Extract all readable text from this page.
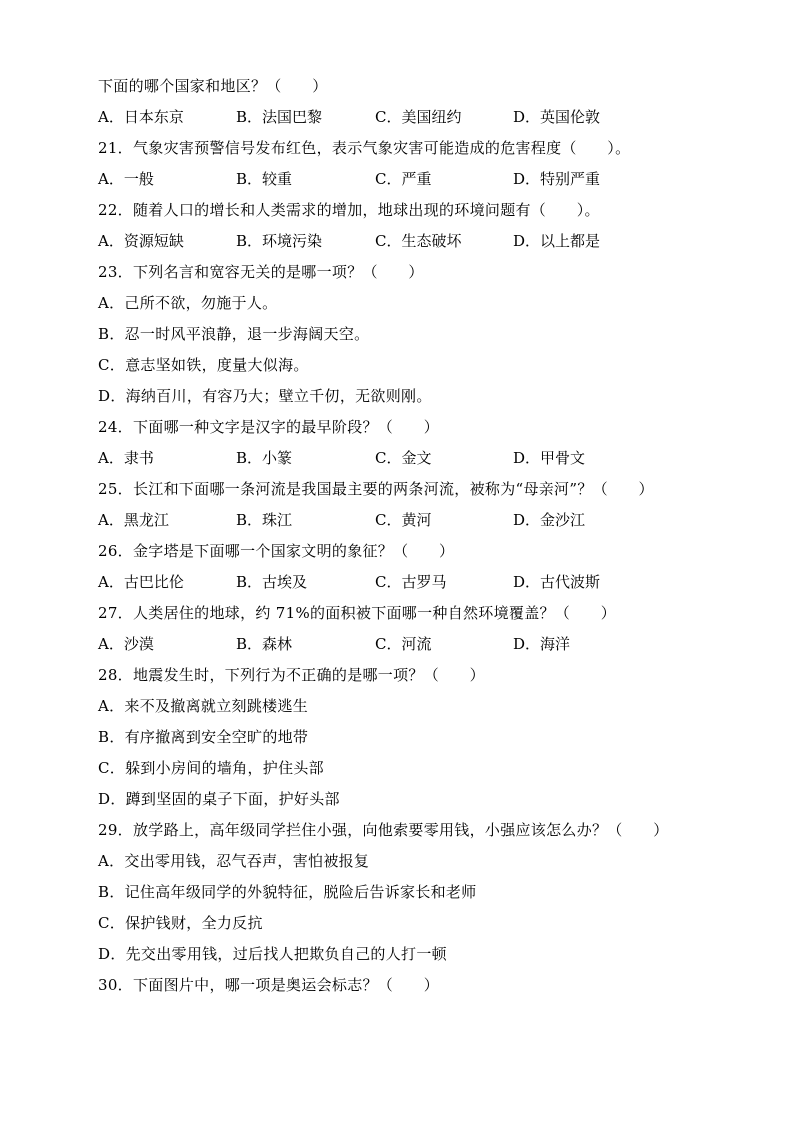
下面的哪个国家和地区？（　　）
A．日本东京	B．法国巴黎	C．美国纽约	D．英国伦敦
21．气象灾害预警信号发布红色，表示气象灾害可能造成的危害程度（　　）。
A．一般	B．较重	C．严重	D．特别严重
22．随着人口的增长和人类需求的增加，地球出现的环境问题有（　　）。
A．资源短缺	B．环境污染	C．生态破坏	D．以上都是
23．下列名言和宽容无关的是哪一项？（　　）
A．己所不欲，勿施于人。
B．忍一时风平浪静，退一步海阔天空。
C．意志坚如铁，度量大似海。
D．海纳百川，有容乃大；壁立千仞，无欲则刚。
24．下面哪一种文字是汉字的最早阶段？（　　）
A．隶书	B．小篆	C．金文	D．甲骨文
25．长江和下面哪一条河流是我国最主要的两条河流，被称为“母亲河”？（　　）
A．黑龙江	B．珠江	C．黄河	D．金沙江
26．金字塔是下面哪一个国家文明的象征？（　　）
A．古巴比伦	B．古埃及	C．古罗马	D．古代波斯
27．人类居住的地球，约 71%的面积被下面哪一种自然环境覆盖？（　　）
A．沙漠	B．森林	C．河流	D．海洋
28．地震发生时，下列行为不正确的是哪一项？（　　）
A．来不及撤离就立刻跳楼逃生
B．有序撤离到安全空旷的地带
C．躲到小房间的墙角，护住头部
D．蹲到坚固的桌子下面，护好头部
29．放学路上，高年级同学拦住小强，向他索要零用钱，小强应该怎么办？（　　）
A．交出零用钱，忍气吞声，害怕被报复
B．记住高年级同学的外貌特征，脱险后告诉家长和老师
C．保护钱财，全力反抗
D．先交出零用钱，过后找人把欺负自己的人打一顿
30．下面图片中，哪一项是奥运会标志？（　　）
